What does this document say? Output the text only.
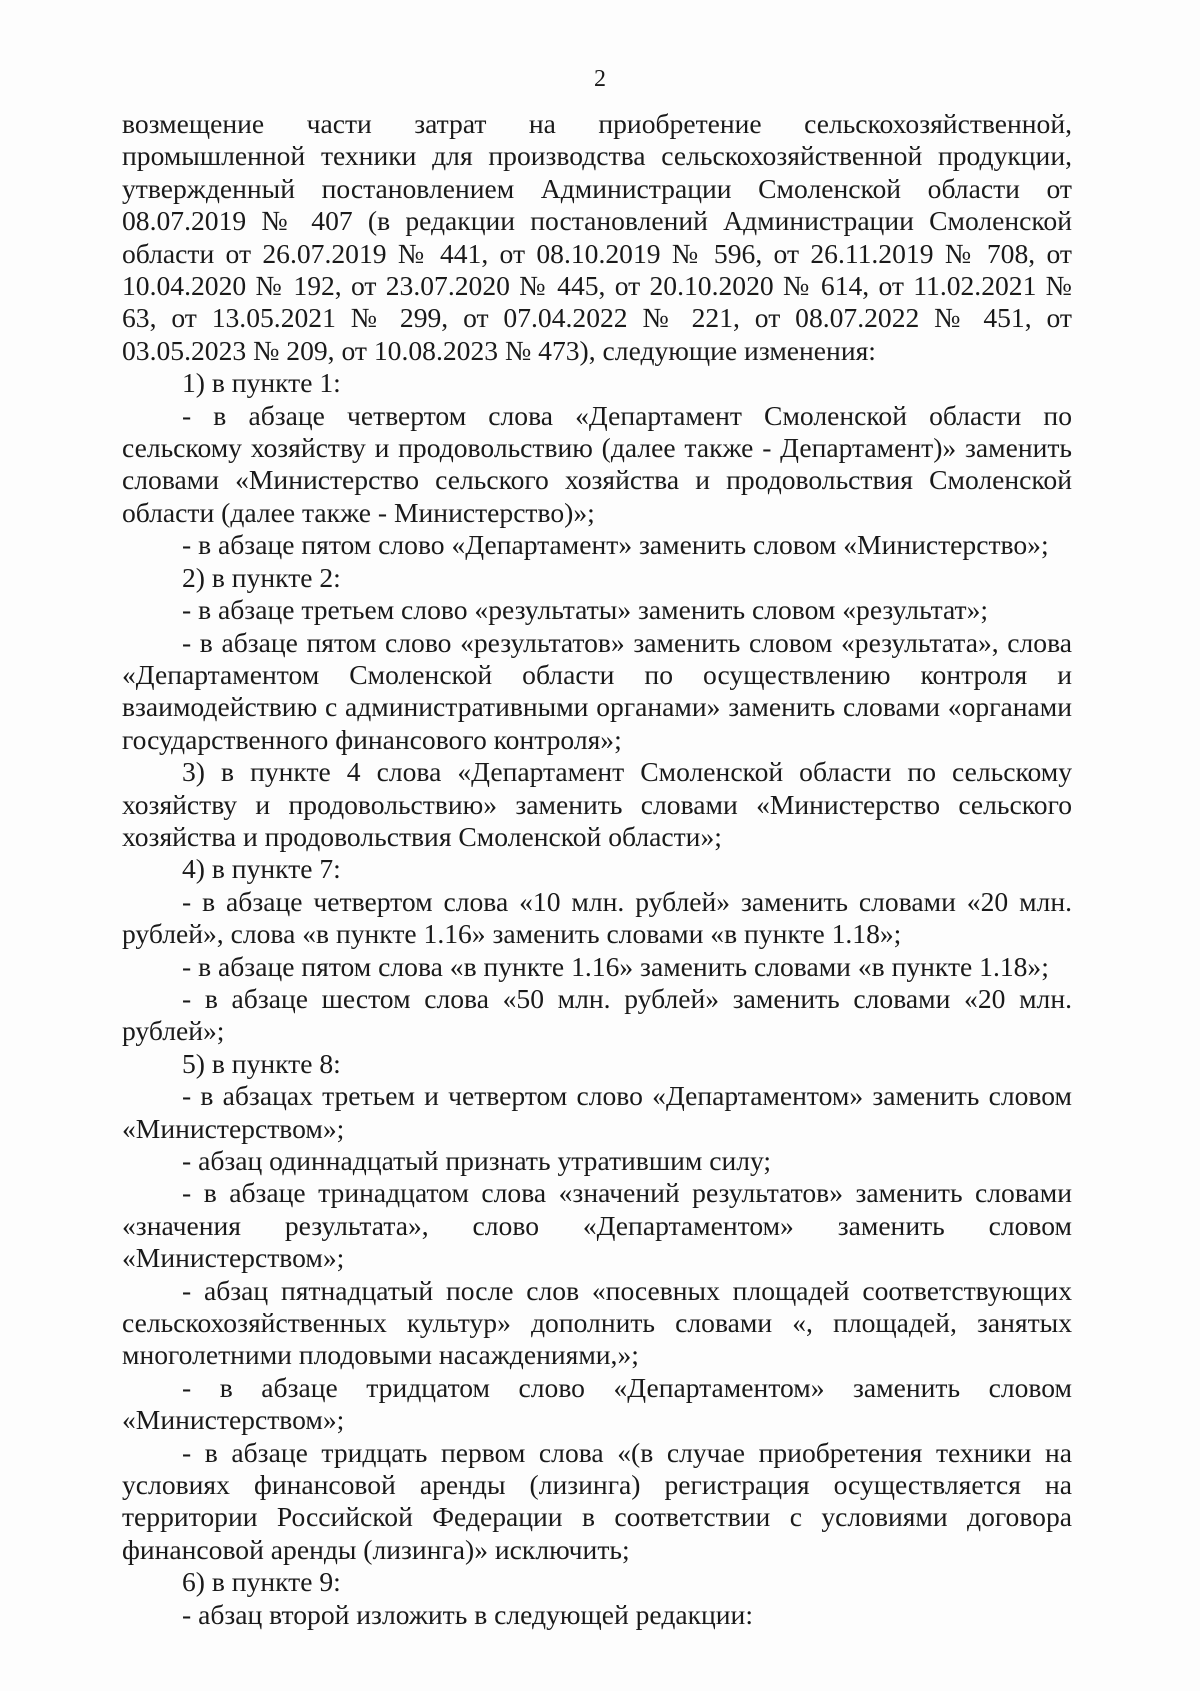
2

возмещение части затрат на приобретение сельскохозяйственной, промышленной техники для производства сельскохозяйственной продукции, утвержденный постановлением Администрации Смоленской области от 08.07.2019 № 407 (в редакции постановлений Администрации Смоленской области от 26.07.2019 № 441, от 08.10.2019 № 596, от 26.11.2019 № 708, от 10.04.2020 № 192, от 23.07.2020 № 445, от 20.10.2020 № 614, от 11.02.2021 № 63, от 13.05.2021 № 299, от 07.04.2022 № 221, от 08.07.2022 № 451, от 03.05.2023 № 209, от 10.08.2023 № 473), следующие изменения:

1) в пункте 1:

- в абзаце четвертом слова «Департамент Смоленской области по сельскому хозяйству и продовольствию (далее также - Департамент)» заменить словами «Министерство сельского хозяйства и продовольствия Смоленской области (далее также - Министерство)»;

- в абзаце пятом слово «Департамент» заменить словом «Министерство»;

2) в пункте 2:

- в абзаце третьем слово «результаты» заменить словом «результат»;

- в абзаце пятом слово «результатов» заменить словом «результата», слова «Департаментом Смоленской области по осуществлению контроля и взаимодействию с административными органами» заменить словами «органами государственного финансового контроля»;

3) в пункте 4 слова «Департамент Смоленской области по сельскому хозяйству и продовольствию» заменить словами «Министерство сельского хозяйства и продовольствия Смоленской области»;

4) в пункте 7:

- в абзаце четвертом слова «10 млн. рублей» заменить словами «20 млн. рублей», слова «в пункте 1.16» заменить словами «в пункте 1.18»;

- в абзаце пятом слова «в пункте 1.16» заменить словами «в пункте 1.18»;

- в абзаце шестом слова «50 млн. рублей» заменить словами «20 млн. рублей»;

5) в пункте 8:

- в абзацах третьем и четвертом слово «Департаментом» заменить словом «Министерством»;

- абзац одиннадцатый признать утратившим силу;

- в абзаце тринадцатом слова «значений результатов» заменить словами «значения результата», слово «Департаментом» заменить словом «Министерством»;

- абзац пятнадцатый после слов «посевных площадей соответствующих сельскохозяйственных культур» дополнить словами «, площадей, занятых многолетними плодовыми насаждениями,»;

- в абзаце тридцатом слово «Департаментом» заменить словом «Министерством»;

- в абзаце тридцать первом слова «(в случае приобретения техники на условиях финансовой аренды (лизинга) регистрация осуществляется на территории Российской Федерации в соответствии с условиями договора финансовой аренды (лизинга)» исключить;

6) в пункте 9:

- абзац второй изложить в следующей редакции:
